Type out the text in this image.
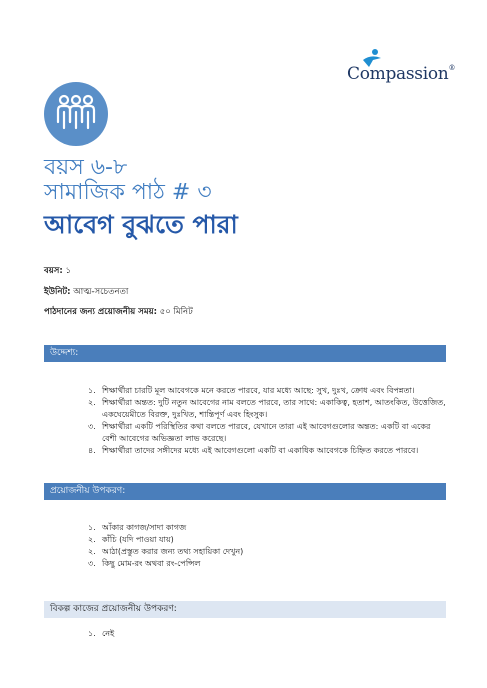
Compassion®
বয়স ৬-৮
সামাজিক পাঠ # ৩
আবেগ বুঝতে পারা
বয়স: ১
ইউনিট: আত্ম-সচেতনতা
পাঠদানের জন্য প্রয়োজনীয় সময়: ৫০ মিনিট
উদ্দেশ্য:
১. শিক্ষার্থীরা চারটি মূল আবেগকে মনে করতে পারবে, যার মধ্যে আছে: সুখ, দুঃখ, ক্রোধ এবং বিপন্নতা।
২. শিক্ষার্থীরা অন্তত: দুটি নতুন আবেগের নাম বলতে পারবে, তার সাথে: একাকিত্ব, হতাশ, আতংকিত, উত্তেজিত, একঘেয়েমীতে বিরক্ত, দুঃখিত, শান্তিপূর্ণ এবং হিংসুক।
৩. শিক্ষার্থীরা একটি পরিস্থিতির কথা বলতে পারবে, যেখানে তারা এই আবেগগুলোর অন্তত: একটি বা একের বেশী আবেগের অভিজ্ঞতা লাভ করেছে।
৪. শিক্ষার্থীরা তাদের সঙ্গীদের মধ্যে এই আবেগগুলো একটি বা একাধিক আবেগকে চিহ্নিত করতে পারবে।
প্রয়োজনীয় উপকরণ:
১. আঁকার কাগজ/সাদা কাগজ
২. কাঁচি (যদি পাওয়া যায়)
২. আঠা(প্রস্তুত করার জন্য তথ্য সহায়িকা দেখুন)
৩. কিছু মোম-রং অথবা রং-পেন্সিল
বিকল্প কাজের প্রয়োজনীয় উপকরণ:
১. নেই
